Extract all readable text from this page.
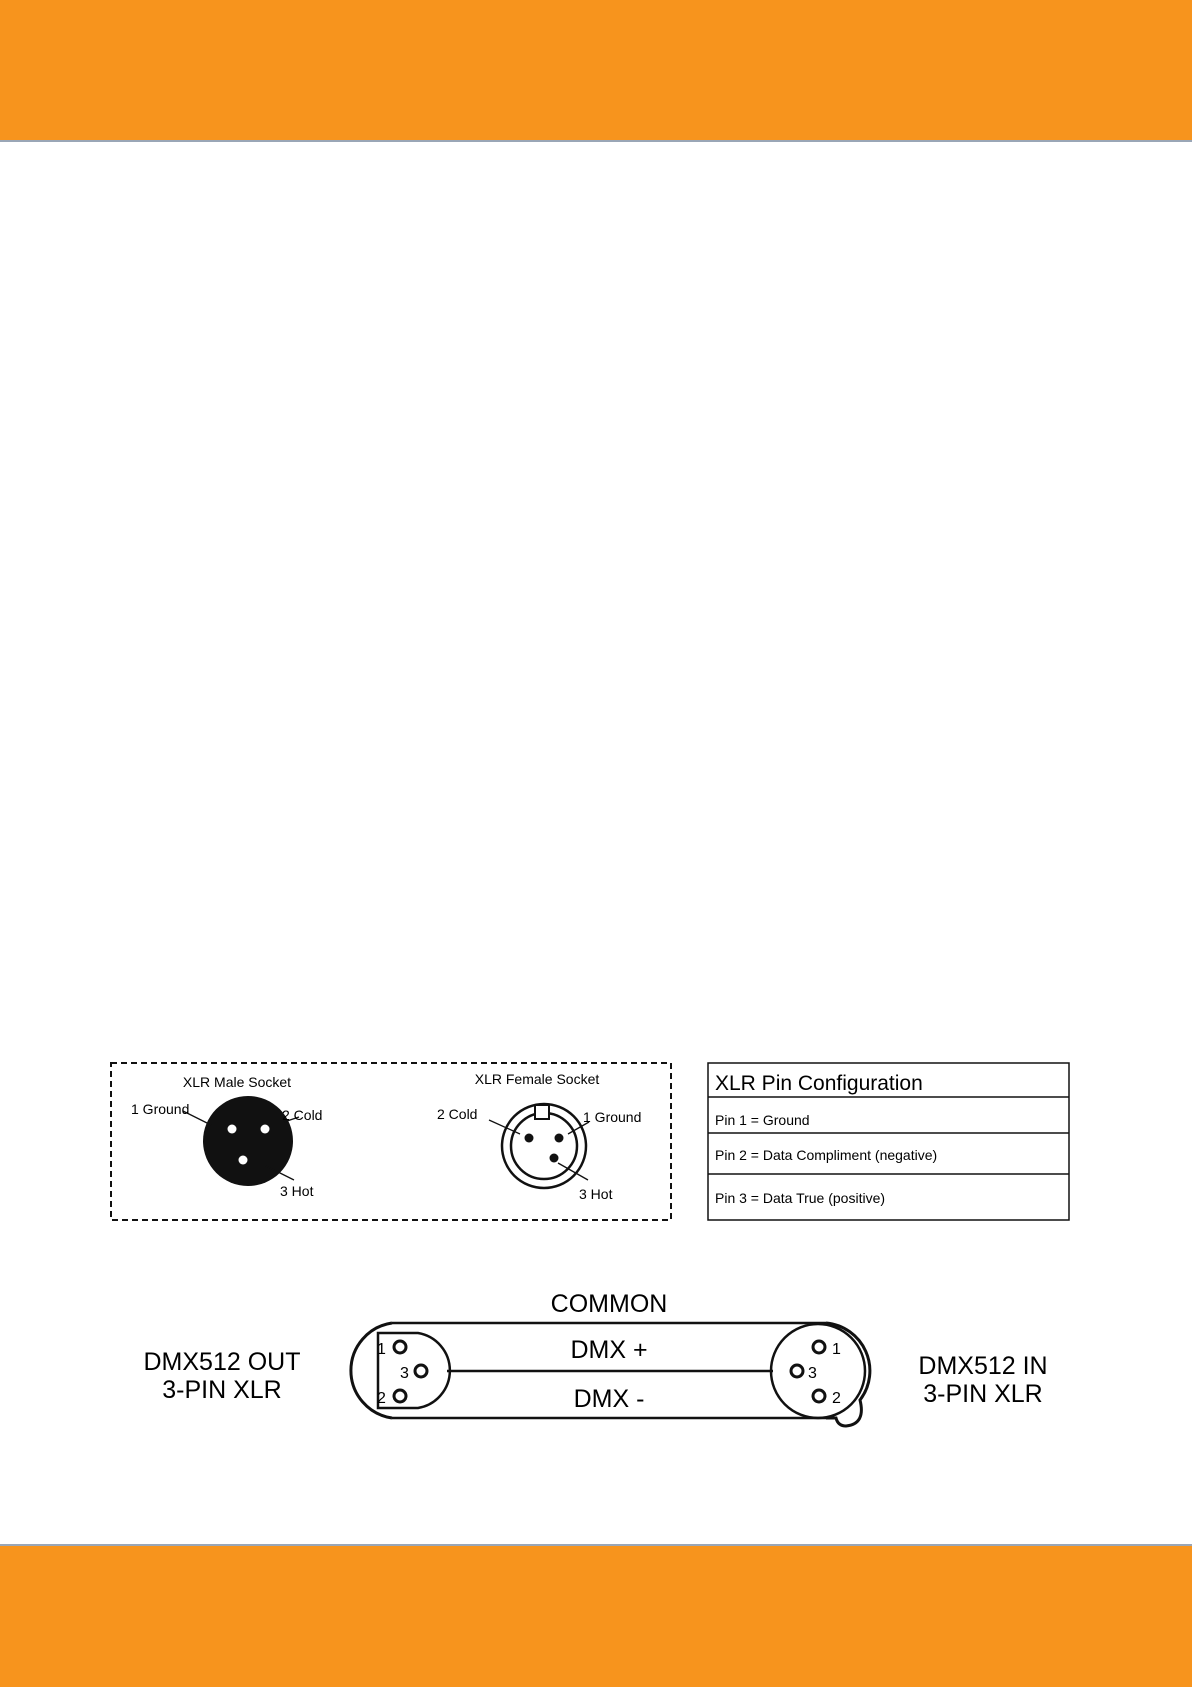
XLR Male Socket
1 Ground	2 Cold
3 Hot
XLR Female Socket
2 Cold	1 Ground
3 Hot
XLR Pin Configuration
Pin 1 = Ground
Pin 2 = Data Compliment (negative)
Pin 3 = Data True (positive)
COMMON
DMX +
DMX -
1
3
2
1
3
2
DMX512 OUT
3-PIN XLR
DMX512 IN
3-PIN XLR
